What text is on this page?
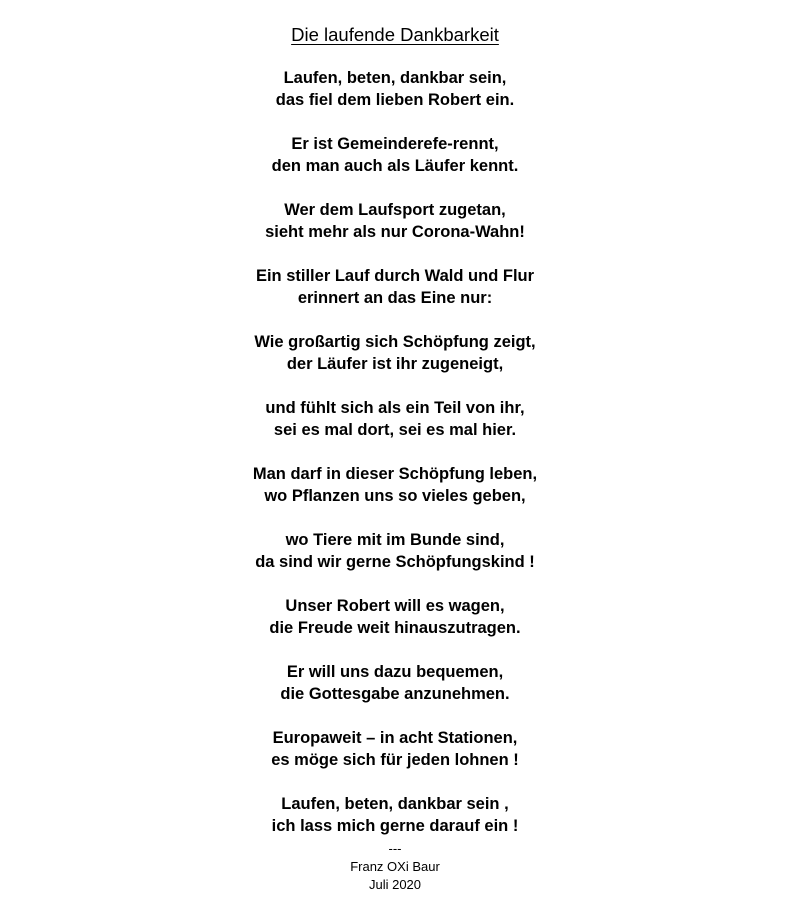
Die laufende Dankbarkeit
Laufen, beten, dankbar sein,
das fiel dem lieben Robert ein.
Er ist Gemeinderefe-rennt,
den man auch als Läufer kennt.
Wer dem Laufsport zugetan,
sieht mehr als nur Corona-Wahn!
Ein stiller Lauf durch Wald und Flur
erinnert an das Eine nur:
Wie großartig sich Schöpfung zeigt,
der Läufer ist ihr zugeneigt,
und fühlt sich als ein Teil von ihr,
sei es mal dort, sei es mal hier.
Man darf in dieser Schöpfung leben,
wo Pflanzen uns so vieles geben,
wo Tiere mit im Bunde sind,
da sind wir gerne Schöpfungskind !
Unser Robert will es wagen,
die Freude weit hinauszutragen.
Er will uns dazu bequemen,
die Gottesgabe anzunehmen.
Europaweit – in acht Stationen,
es möge sich für jeden lohnen !
Laufen, beten, dankbar sein ,
ich lass mich gerne darauf ein !
---
Franz OXi Baur
Juli 2020
